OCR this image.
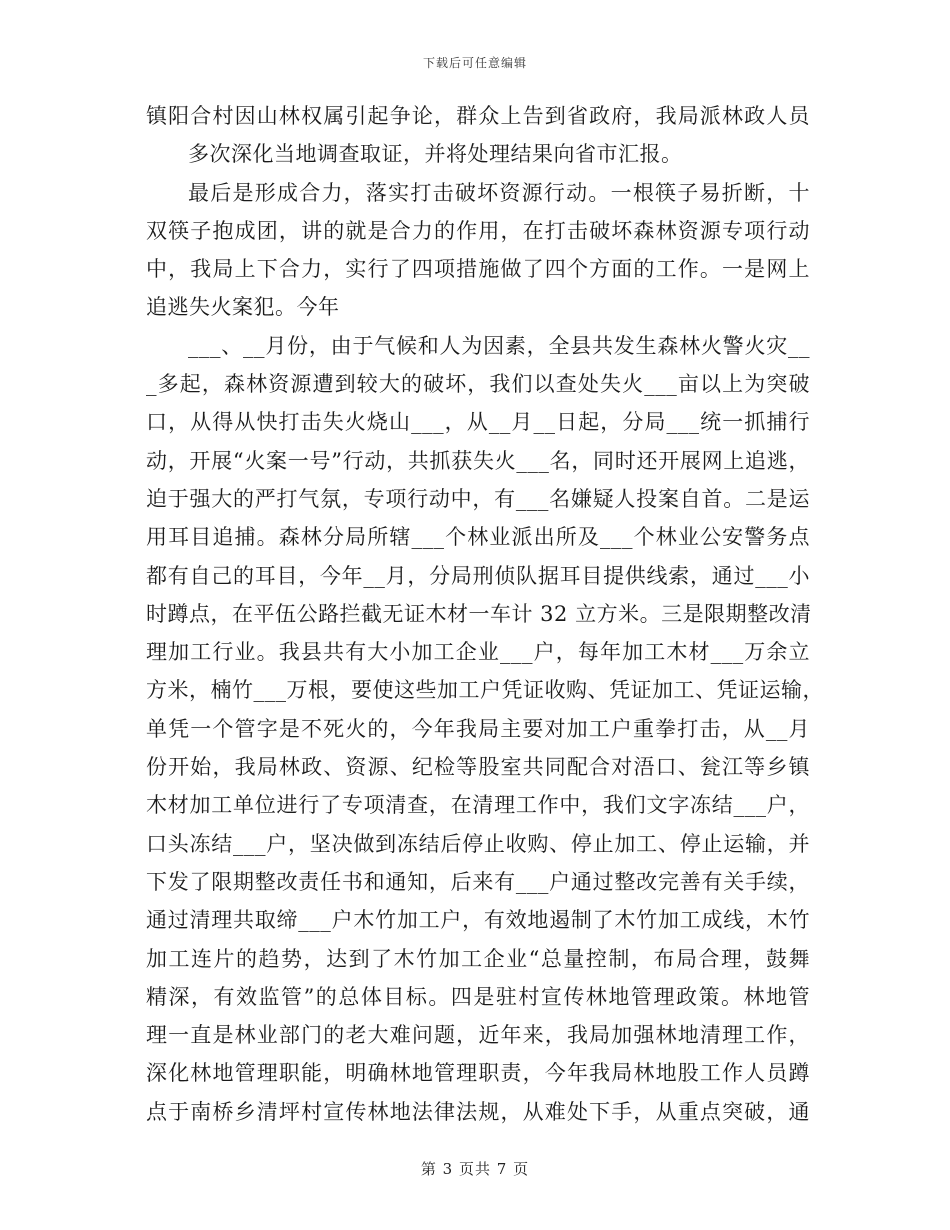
下载后可任意编辑
镇阳合村因山林权属引起争论，群众上告到省政府，我局派林政人员
多次深化当地调查取证，并将处理结果向省市汇报。
最后是形成合力，落实打击破坏资源行动。一根筷子易折断，十
双筷子抱成团，讲的就是合力的作用，在打击破坏森林资源专项行动
中，我局上下合力，实行了四项措施做了四个方面的工作。一是网上
追逃失火案犯。今年
___、__月份，由于气候和人为因素，全县共发生森林火警火灾__
_多起，森林资源遭到较大的破坏，我们以查处失火___亩以上为突破
口，从得从快打击失火烧山___，从__月__日起，分局___统一抓捕行
动，开展“火案一号”行动，共抓获失火___名，同时还开展网上追逃，
迫于强大的严打气氛，专项行动中，有___名嫌疑人投案自首。二是运
用耳目追捕。森林分局所辖___个林业派出所及___个林业公安警务点
都有自己的耳目，今年__月，分局刑侦队据耳目提供线索，通过___小
时蹲点，在平伍公路拦截无证木材一车计 32 立方米。三是限期整改清
理加工行业。我县共有大小加工企业___户，每年加工木材___万余立
方米，楠竹___万根，要使这些加工户凭证收购、凭证加工、凭证运输，
单凭一个管字是不死火的，今年我局主要对加工户重拳打击，从__月
份开始，我局林政、资源、纪检等股室共同配合对浯口、瓮江等乡镇
木材加工单位进行了专项清查，在清理工作中，我们文字冻结___户，
口头冻结___户，坚决做到冻结后停止收购、停止加工、停止运输，并
下发了限期整改责任书和通知，后来有___户通过整改完善有关手续，
通过清理共取缔___户木竹加工户，有效地遏制了木竹加工成线，木竹
加工连片的趋势，达到了木竹加工企业“总量控制，布局合理，鼓舞
精深，有效监管”的总体目标。四是驻村宣传林地管理政策。林地管
理一直是林业部门的老大难问题，近年来，我局加强林地清理工作，
深化林地管理职能，明确林地管理职责，今年我局林地股工作人员蹲
点于南桥乡清坪村宣传林地法律法规，从难处下手，从重点突破，通
第 3 页共 7 页
